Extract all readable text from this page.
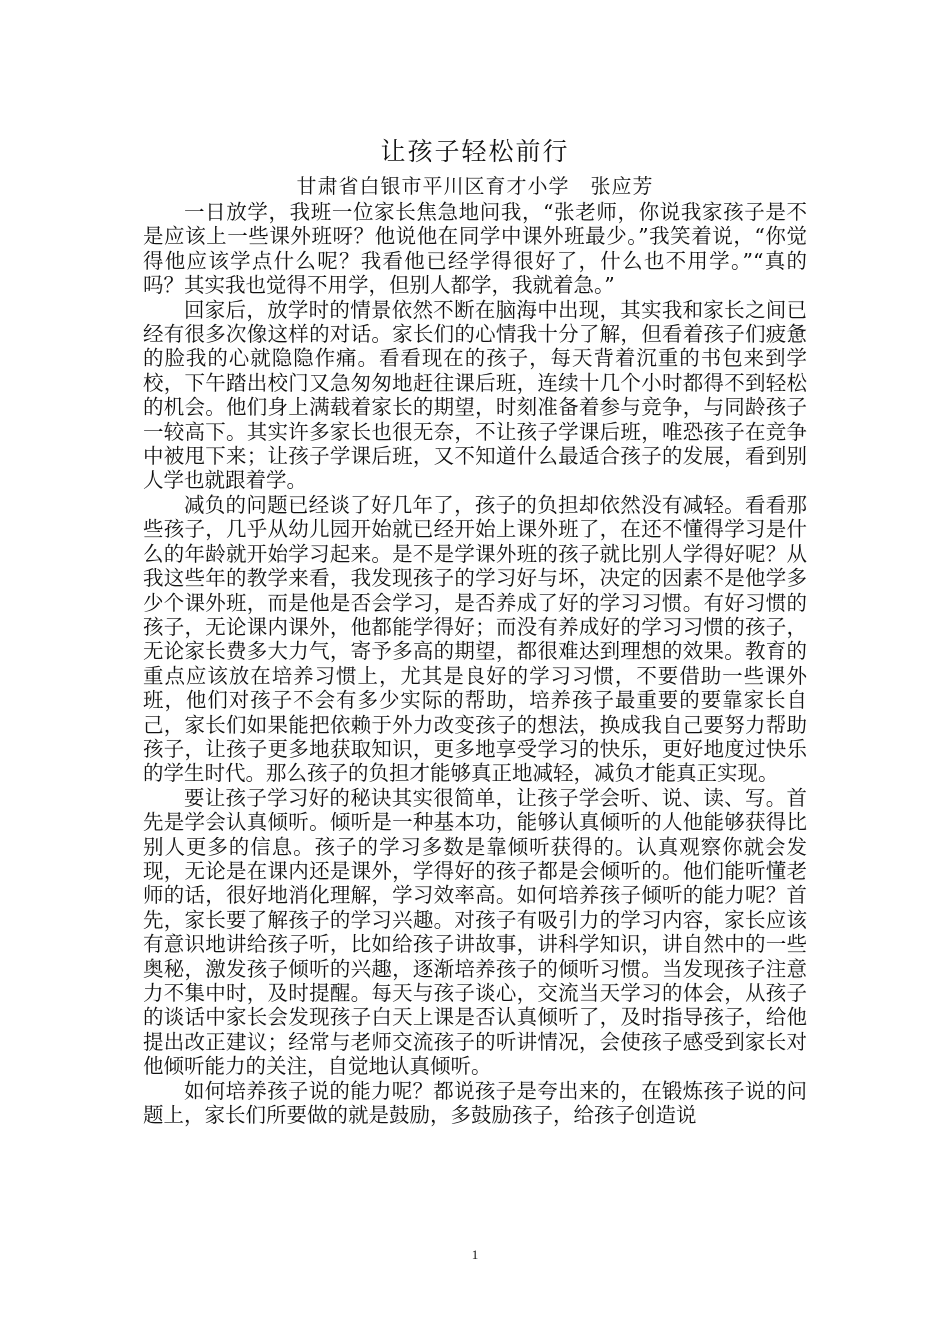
让孩子轻松前行
甘肃省白银市平川区育才小学　张应芳

一日放学，我班一位家长焦急地问我，“张老师，你说我家孩子是不是应该上一些课外班呀？他说他在同学中课外班最少。”我笑着说，“你觉得他应该学点什么呢？我看他已经学得很好了，什么也不用学。”“真的吗？其实我也觉得不用学，但别人都学，我就着急。”

回家后，放学时的情景依然不断在脑海中出现，其实我和家长之间已经有很多次像这样的对话。家长们的心情我十分了解，但看着孩子们疲惫的脸我的心就隐隐作痛。看看现在的孩子，每天背着沉重的书包来到学校，下午踏出校门又急匆匆地赶往课后班，连续十几个小时都得不到轻松的机会。他们身上满载着家长的期望，时刻准备着参与竞争，与同龄孩子一较高下。其实许多家长也很无奈，不让孩子学课后班，唯恐孩子在竞争中被甩下来；让孩子学课后班，又不知道什么最适合孩子的发展，看到别人学也就跟着学。

减负的问题已经谈了好几年了，孩子的负担却依然没有减轻。看看那些孩子，几乎从幼儿园开始就已经开始上课外班了，在还不懂得学习是什么的年龄就开始学习起来。是不是学课外班的孩子就比别人学得好呢？从我这些年的教学来看，我发现孩子的学习好与坏，决定的因素不是他学多少个课外班，而是他是否会学习，是否养成了好的学习习惯。有好习惯的孩子，无论课内课外，他都能学得好；而没有养成好的学习习惯的孩子，无论家长费多大力气，寄予多高的期望，都很难达到理想的效果。教育的重点应该放在培养习惯上，尤其是良好的学习习惯，不要借助一些课外班，他们对孩子不会有多少实际的帮助，培养孩子最重要的要靠家长自己，家长们如果能把依赖于外力改变孩子的想法，换成我自己要努力帮助孩子，让孩子更多地获取知识，更多地享受学习的快乐，更好地度过快乐的学生时代。那么孩子的负担才能够真正地减轻，减负才能真正实现。

要让孩子学习好的秘诀其实很简单，让孩子学会听、说、读、写。首先是学会认真倾听。倾听是一种基本功，能够认真倾听的人他能够获得比别人更多的信息。孩子的学习多数是靠倾听获得的。认真观察你就会发现，无论是在课内还是课外，学得好的孩子都是会倾听的。他们能听懂老师的话，很好地消化理解，学习效率高。如何培养孩子倾听的能力呢？首先，家长要了解孩子的学习兴趣。对孩子有吸引力的学习内容，家长应该有意识地讲给孩子听，比如给孩子讲故事，讲科学知识，讲自然中的一些奥秘，激发孩子倾听的兴趣，逐渐培养孩子的倾听习惯。当发现孩子注意力不集中时，及时提醒。每天与孩子谈心，交流当天学习的体会，从孩子的谈话中家长会发现孩子白天上课是否认真倾听了，及时指导孩子，给他提出改正建议；经常与老师交流孩子的听讲情况，会使孩子感受到家长对他倾听能力的关注，自觉地认真倾听。

如何培养孩子说的能力呢？都说孩子是夸出来的，在锻炼孩子说的问题上，家长们所要做的就是鼓励，多鼓励孩子，给孩子创造说

1
